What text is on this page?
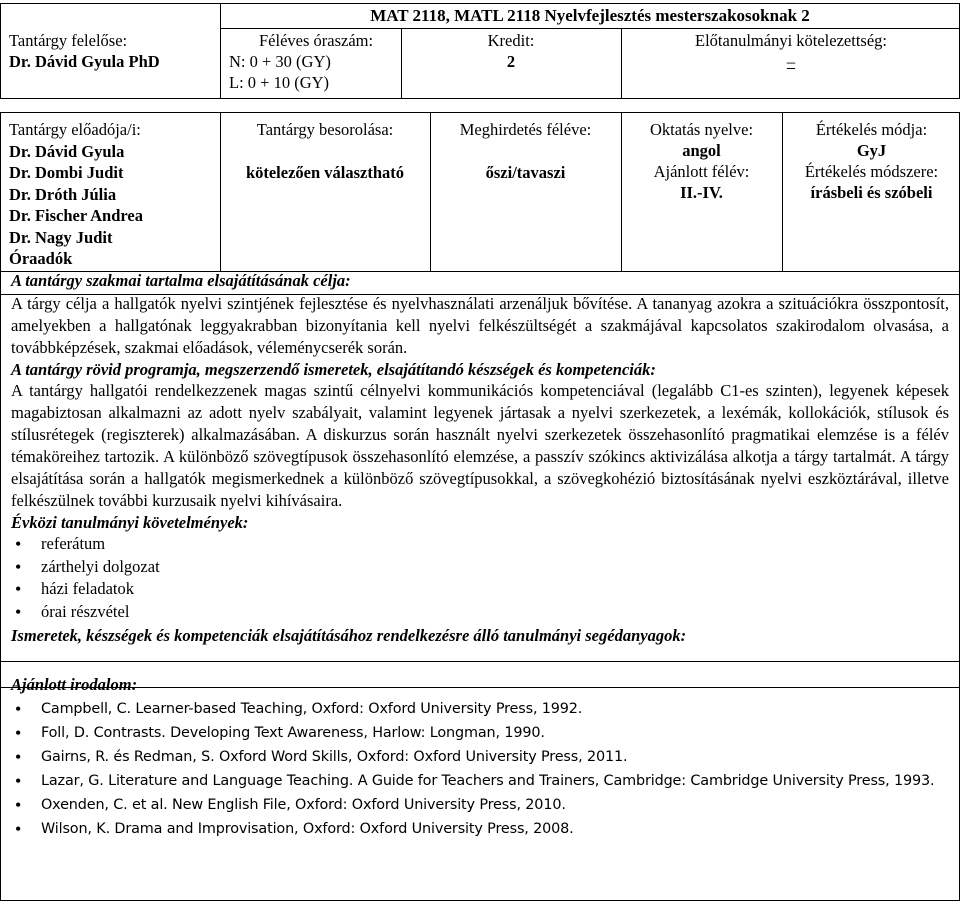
MAT 2118, MATL 2118 Nyelvfejlesztés mesterszakosoknak 2
Tantárgy felelőse:
Dr. Dávid Gyula PhD
Féléves óraszám:
N: 0 + 30 (GY)
L: 0 + 10 (GY)
Kredit:
2
Előtanulmányi kötelezettség:
–
Tantárgy előadója/i:
Dr. Dávid Gyula
Dr. Dombi Judit
Dr. Dróth Júlia
Dr. Fischer Andrea
Dr. Nagy Judit
Óraadók
Tantárgy besorolása:
kötelezően választható
Meghirdetés féléve:
őszi/tavaszi
Oktatás nyelve:
angol
Ajánlott félév:
II.-IV.
Értékelés módja:
GyJ
Értékelés módszere:
írásbeli és szóbeli

A tantárgy szakmai tartalma elsajátításának célja:

A tárgy célja a hallgatók nyelvi szintjének fejlesztése és nyelvhasználati arzenáljuk bővítése. A tananyag azokra a szituációkra összpontosít, amelyekben a hallgatónak leggyakrabban bizonyítania kell nyelvi felkészültségét a szakmájával kapcsolatos szakirodalom olvasása, a továbbképzések, szakmai előadások, véleménycserék során.

A tantárgy rövid programja, megszerzendő ismeretek, elsajátítandó készségek és kompetenciák:

A tantárgy hallgatói rendelkezzenek magas szintű célnyelvi kommunikációs kompetenciával (legalább C1-es szinten), legyenek képesek magabiztosan alkalmazni az adott nyelv szabályait, valamint legyenek jártasak a nyelvi szerkezetek, a lexémák, kollokációk, stílusok és stílusrétegek (regiszterek) alkalmazásában. A diskurzus során használt nyelvi szerkezetek összehasonlító pragmatikai elemzése is a félév témaköreihez tartozik. A különböző szövegtípusok összehasonlító elemzése, a passzív szókincs aktivizálása alkotja a tárgy tartalmát. A tárgy elsajátítása során a hallgatók megismerkednek a különböző szövegtípusokkal, a szövegkohézió biztosításának nyelvi eszköztárával, illetve felkészülnek további kurzusaik nyelvi kihívásaira.

Évközi tanulmányi követelmények:

• referátum
• zárthelyi dolgozat
• házi feladatok
• órai részvétel

Ismeretek, készségek és kompetenciák elsajátításához rendelkezésre álló tanulmányi segédanyagok:

Ajánlott irodalom:

• Campbell, C. Learner-based Teaching, Oxford: Oxford University Press, 1992.
• Foll, D. Contrasts. Developing Text Awareness, Harlow: Longman, 1990.
• Gairns, R. és Redman, S. Oxford Word Skills, Oxford: Oxford University Press, 2011.
• Lazar, G. Literature and Language Teaching. A Guide for Teachers and Trainers, Cambridge: Cambridge University Press, 1993.
• Oxenden, C. et al. New English File, Oxford: Oxford University Press, 2010.
• Wilson, K. Drama and Improvisation, Oxford: Oxford University Press, 2008.
